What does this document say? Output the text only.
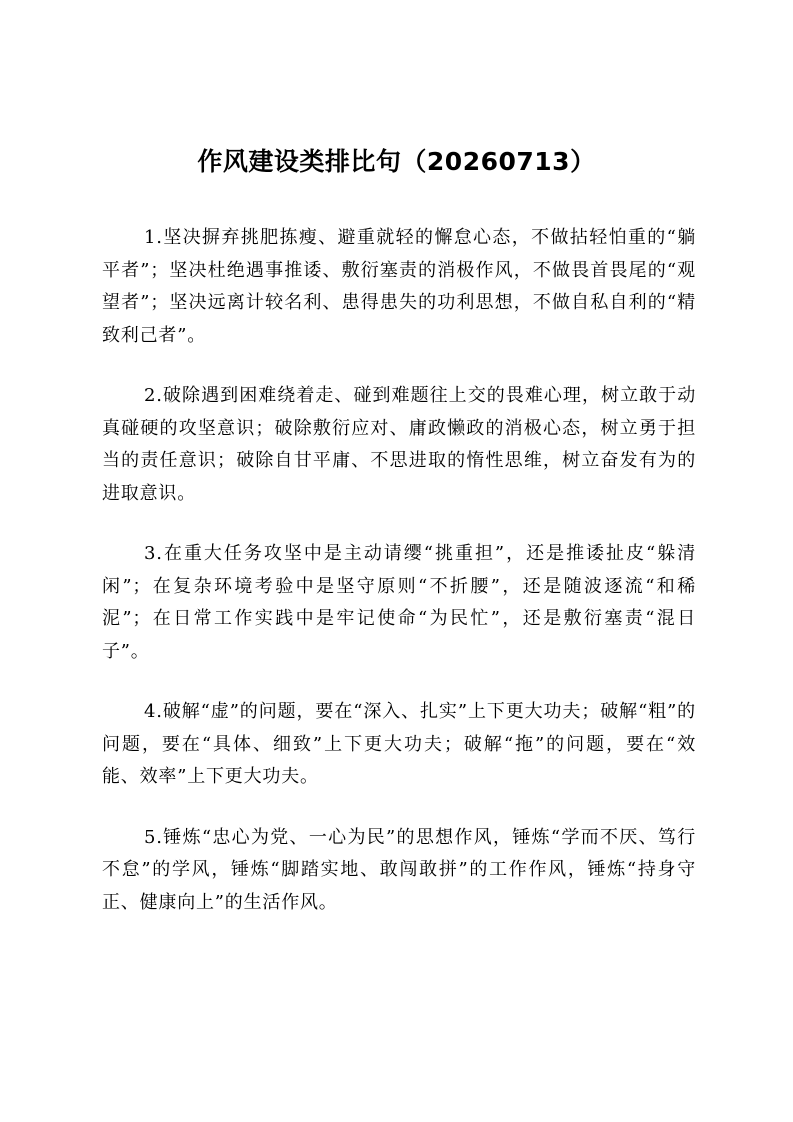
作风建设类排比句（20260713）

1.坚决摒弃挑肥拣瘦、避重就轻的懈怠心态，不做拈轻怕重的“躺平者”；坚决杜绝遇事推诿、敷衍塞责的消极作风，不做畏首畏尾的“观望者”；坚决远离计较名利、患得患失的功利思想，不做自私自利的“精致利己者”。

2.破除遇到困难绕着走、碰到难题往上交的畏难心理，树立敢于动真碰硬的攻坚意识；破除敷衍应对、庸政懒政的消极心态，树立勇于担当的责任意识；破除自甘平庸、不思进取的惰性思维，树立奋发有为的进取意识。

3.在重大任务攻坚中是主动请缨“挑重担”，还是推诿扯皮“躲清闲”；在复杂环境考验中是坚守原则“不折腰”，还是随波逐流“和稀泥”；在日常工作实践中是牢记使命“为民忙”，还是敷衍塞责“混日子”。

4.破解“虚”的问题，要在“深入、扎实”上下更大功夫；破解“粗”的问题，要在“具体、细致”上下更大功夫；破解“拖”的问题，要在“效能、效率”上下更大功夫。

5.锤炼“忠心为党、一心为民”的思想作风，锤炼“学而不厌、笃行不怠”的学风，锤炼“脚踏实地、敢闯敢拼”的工作作风，锤炼“持身守正、健康向上”的生活作风。
